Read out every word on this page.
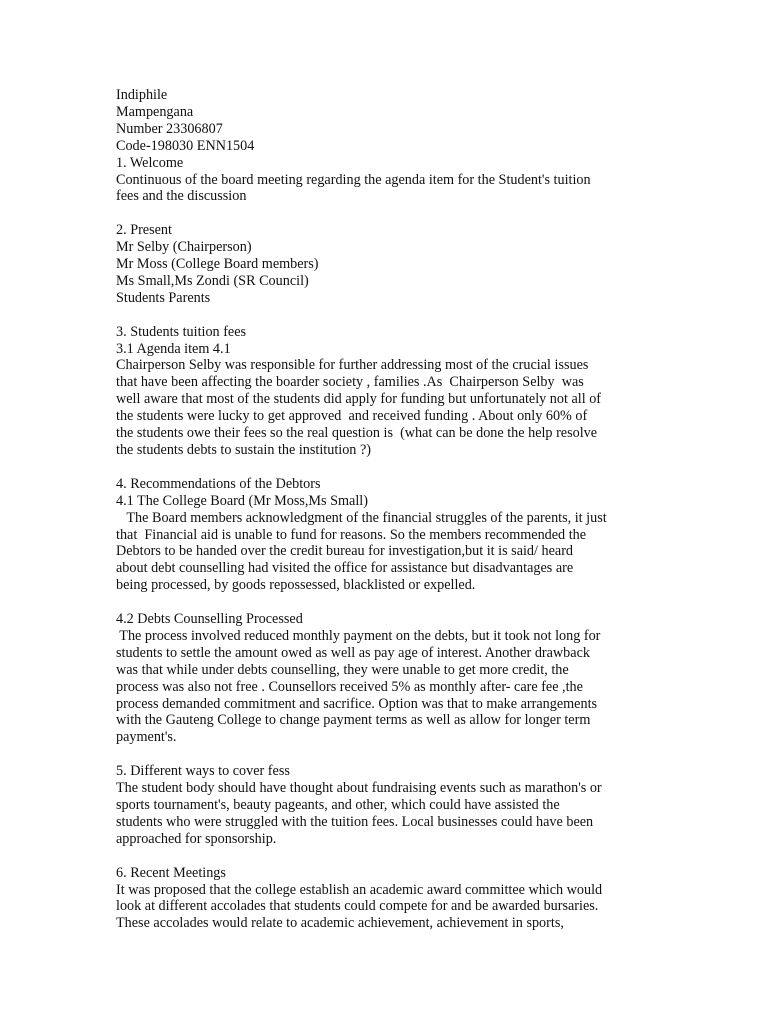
Indiphile
Mampengana
Number 23306807
Code-198030 ENN1504
1. Welcome
Continuous of the board meeting regarding the agenda item for the Student's tuition
fees and the discussion
2. Present
Mr Selby (Chairperson)
Mr Moss (College Board members)
Ms Small,Ms Zondi (SR Council)
Students Parents
3. Students tuition fees
3.1 Agenda item 4.1
Chairperson Selby was responsible for further addressing most of the crucial issues
that have been affecting the boarder society , families .As  Chairperson Selby  was
well aware that most of the students did apply for funding but unfortunately not all of
the students were lucky to get approved  and received funding . About only 60% of
the students owe their fees so the real question is  (what can be done the help resolve
the students debts to sustain the institution ?)
4. Recommendations of the Debtors
4.1 The College Board (Mr Moss,Ms Small)
The Board members acknowledgment of the financial struggles of the parents, it just
that  Financial aid is unable to fund for reasons. So the members recommended the
Debtors to be handed over the credit bureau for investigation,but it is said/ heard
about debt counselling had visited the office for assistance but disadvantages are
being processed, by goods repossessed, blacklisted or expelled.
4.2 Debts Counselling Processed
The process involved reduced monthly payment on the debts, but it took not long for
students to settle the amount owed as well as pay age of interest. Another drawback
was that while under debts counselling, they were unable to get more credit, the
process was also not free . Counsellors received 5% as monthly after- care fee ,the
process demanded commitment and sacrifice. Option was that to make arrangements
with the Gauteng College to change payment terms as well as allow for longer term
payment's.
5. Different ways to cover fess
The student body should have thought about fundraising events such as marathon's or
sports tournament's, beauty pageants, and other, which could have assisted the
students who were struggled with the tuition fees. Local businesses could have been
approached for sponsorship.
6. Recent Meetings
It was proposed that the college establish an academic award committee which would
look at different accolades that students could compete for and be awarded bursaries.
These accolades would relate to academic achievement, achievement in sports,
